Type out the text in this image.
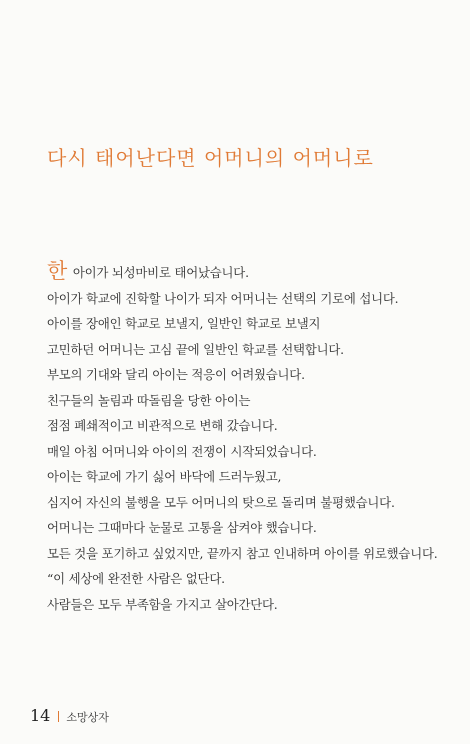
다시 태어난다면 어머니의 어머니로
한 아이가 뇌성마비로 태어났습니다.
아이가 학교에 진학할 나이가 되자 어머니는 선택의 기로에 섭니다.
아이를 장애인 학교로 보낼지, 일반인 학교로 보낼지
고민하던 어머니는 고심 끝에 일반인 학교를 선택합니다.
부모의 기대와 달리 아이는 적응이 어려웠습니다.
친구들의 놀림과 따돌림을 당한 아이는
점점 폐쇄적이고 비관적으로 변해 갔습니다.
매일 아침 어머니와 아이의 전쟁이 시작되었습니다.
아이는 학교에 가기 싫어 바닥에 드러누웠고,
심지어 자신의 불행을 모두 어머니의 탓으로 돌리며 불평했습니다.
어머니는 그때마다 눈물로 고통을 삼켜야 했습니다.
모든 것을 포기하고 싶었지만, 끝까지 참고 인내하며 아이를 위로했습니다.
“이 세상에 완전한 사람은 없단다.
사람들은 모두 부족함을 가지고 살아간단다.
14 소망상자
